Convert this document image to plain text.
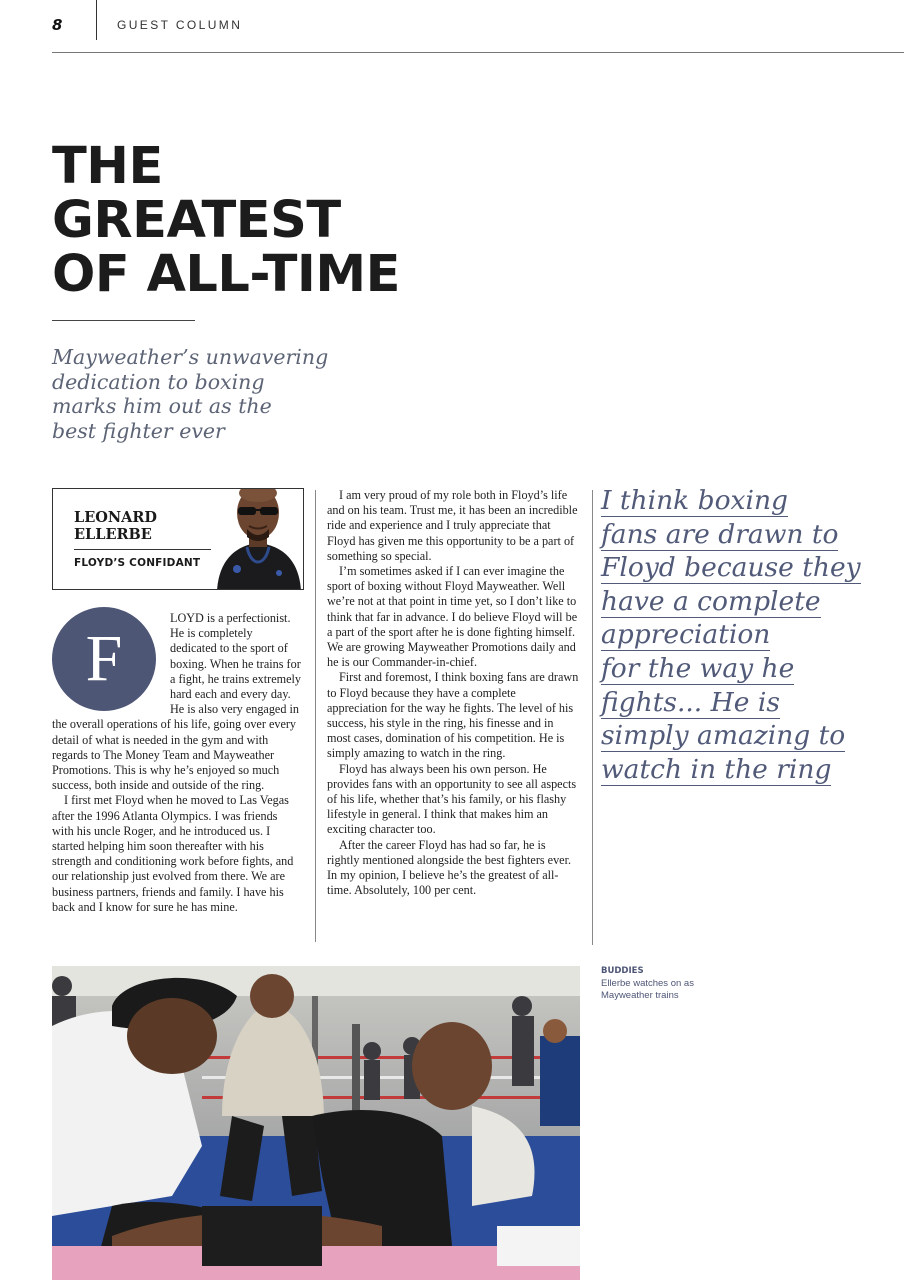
8	GUEST COLUMN
THE
GREATEST
OF ALL-TIME
Mayweather’s unwavering
dedication to boxing
marks him out as the
best fighter ever
LEONARD
ELLERBE
FLOYD’S CONFIDANT
F

LOYD is a perfectionist. He is completely dedicated to the sport of boxing. When he trains for a fight, he trains extremely hard each and every day. He is also very engaged in the overall operations of his life, going over every detail of what is needed in the gym and with regards to The Money Team and Mayweather Promotions. This is why he’s enjoyed so much success, both inside and outside of the ring.

I first met Floyd when he moved to Las Vegas after the 1996 Atlanta Olympics. I was friends with his uncle Roger, and he introduced us. I started helping him soon thereafter with his strength and conditioning work before fights, and our relationship just evolved from there. We are business partners, friends and family. I have his back and I know for sure he has mine.

I am very proud of my role both in Floyd’s life and on his team. Trust me, it has been an incredible ride and experience and I truly appreciate that Floyd has given me this opportunity to be a part of something so special.

I’m sometimes asked if I can ever imagine the sport of boxing without Floyd Mayweather. Well we’re not at that point in time yet, so I don’t like to think that far in advance. I do believe Floyd will be a part of the sport after he is done fighting himself. We are growing Mayweather Promotions daily and he is our Commander-in-chief.

First and foremost, I think boxing fans are drawn to Floyd because they have a complete appreciation for the way he fights. The level of his success, his style in the ring, his finesse and in most cases, domination of his competition. He is simply amazing to watch in the ring.

Floyd has always been his own person. He provides fans with an opportunity to see all aspects of his life, whether that’s his family, or his flashy lifestyle in general. I think that makes him an exciting character too.

After the career Floyd has had so far, he is rightly mentioned alongside the best fighters ever. In my opinion, I believe he’s the greatest of all-time. Absolutely, 100 per cent.

I think boxing
fans are drawn to
Floyd because they
have a complete
appreciation
for the way he
fights... He is
simply amazing to
watch in the ring
BUDDIES
Ellerbe watches on as Mayweather trains
